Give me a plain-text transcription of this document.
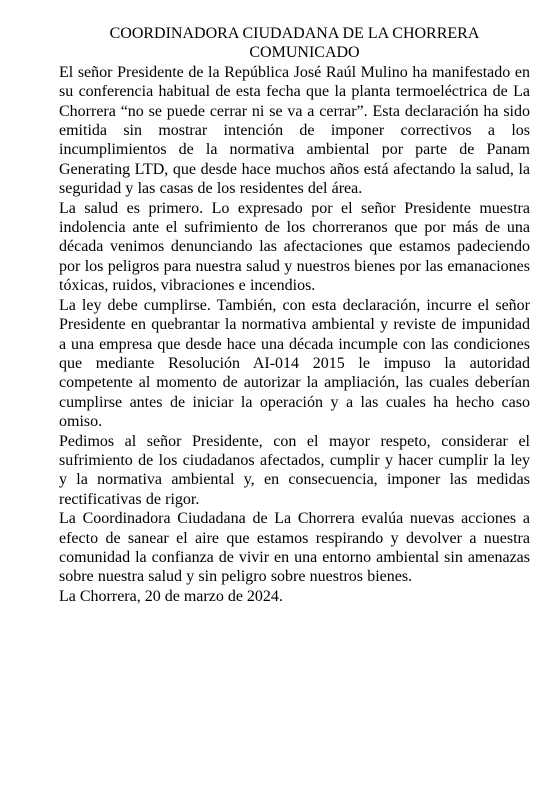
COORDINADORA CIUDADANA DE LA CHORRERA
COMUNICADO

El señor Presidente de la República José Raúl Mulino ha manifestado en su conferencia habitual de esta fecha que la planta termoeléctrica de La Chorrera “no se puede cerrar ni se va a cerrar”. Esta declaración ha sido emitida sin mostrar intención de imponer correctivos a los incumplimientos de la normativa ambiental por parte de Panam Generating LTD, que desde hace muchos años está afectando la salud, la seguridad y las casas de los residentes del área.

La salud es primero. Lo expresado por el señor Presidente muestra indolencia ante el sufrimiento de los chorreranos que por más de una década venimos denunciando las afectaciones que estamos padeciendo por los peligros para nuestra salud y nuestros bienes por las emanaciones tóxicas, ruidos, vibraciones e incendios.

La ley debe cumplirse. También, con esta declaración, incurre el señor Presidente en quebrantar la normativa ambiental y reviste de impunidad a una empresa que desde hace una década incumple con las condiciones que mediante Resolución AI-014 2015 le impuso la autoridad competente al momento de autorizar la ampliación, las cuales deberían cumplirse antes de iniciar la operación y a las cuales ha hecho caso omiso.

Pedimos al señor Presidente, con el mayor respeto, considerar el sufrimiento de los ciudadanos afectados, cumplir y hacer cumplir la ley y la normativa ambiental y, en consecuencia, imponer las medidas rectificativas de rigor.

La Coordinadora Ciudadana de La Chorrera evalúa nuevas acciones a efecto de sanear el aire que estamos respirando y devolver a nuestra comunidad la confianza de vivir en una entorno ambiental sin amenazas sobre nuestra salud y sin peligro sobre nuestros bienes.

La Chorrera, 20 de marzo de 2024.
